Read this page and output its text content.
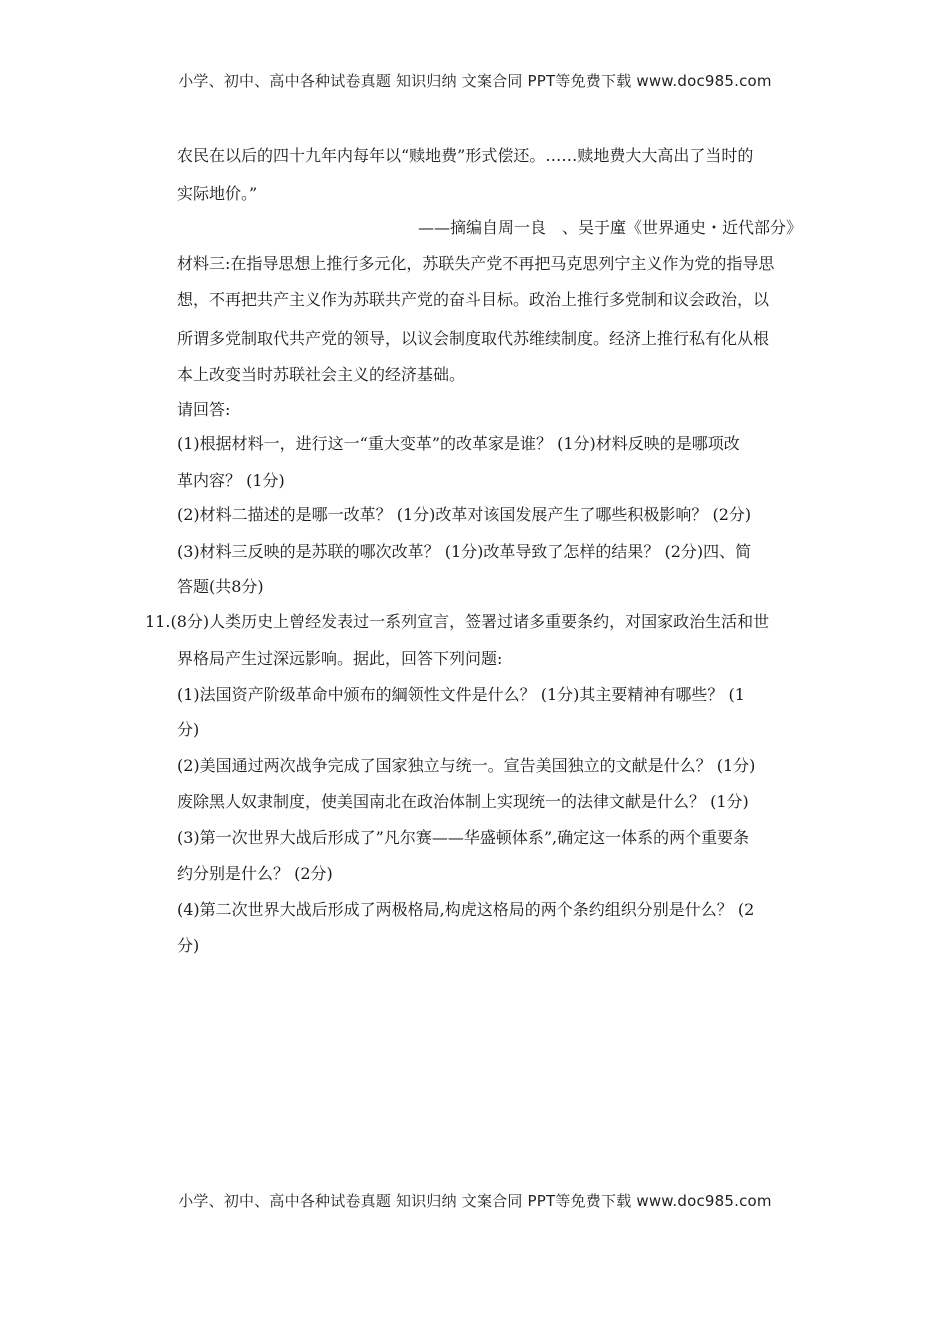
小学、初中、高中各种试卷真题 知识归纳 文案合同 PPT等免费下载 www.doc985.com
农民在以后的四十九年内每年以“赎地费”形式偿还。……赎地费大大高出了当时的
实际地价。”
——摘编自周一良　、吴于廑《世界通史・近代部分》
材料三:在指导思想上推行多元化，苏联失产党不再把马克思列宁主义作为党的指导思
想，不再把共产主义作为苏联共产党的奋斗目标。政治上推行多党制和议会政治，以
所谓多党制取代共产党的领导，以议会制度取代苏维续制度。经济上推行私有化从根
本上改变当时苏联社会主义的经济基础。
请回答:
(1)根据材料一，进行这一“重大变革”的改革家是谁？ (1分)材料反映的是哪项改
革内容？ (1分)
(2)材料二描述的是哪一改革？ (1分)改革对该国发展产生了哪些积极影响？ (2分)
(3)材料三反映的是苏联的哪次改革？ (1分)改革导致了怎样的结果？ (2分)四、简
答题(共8分)
11.(8分)人类历史上曾经发表过一系列宣言，签署过诸多重要条约，对国家政治生活和世
界格局产生过深远影响。据此，回答下列问题:
(1)法国资产阶级革命中颁布的綱领性文件是什么？ (1分)其主要精神有哪些？ (1
分)
(2)美国通过两次战争完成了国家独立与统一。宣告美国独立的文献是什么？ (1分)
废除黑人奴隶制度，使美国南北在政治体制上实现统一的法律文献是什么？ (1分)
(3)第一次世界大战后形成了”凡尔赛——华盛顿体系”,确定这一体系的两个重要条
约分别是什么？ (2分)
(4)第二次世界大战后形成了两极格局,构虎这格局的两个条约组织分别是什么？ (2
分)
小学、初中、高中各种试卷真题 知识归纳 文案合同 PPT等免费下载 www.doc985.com
